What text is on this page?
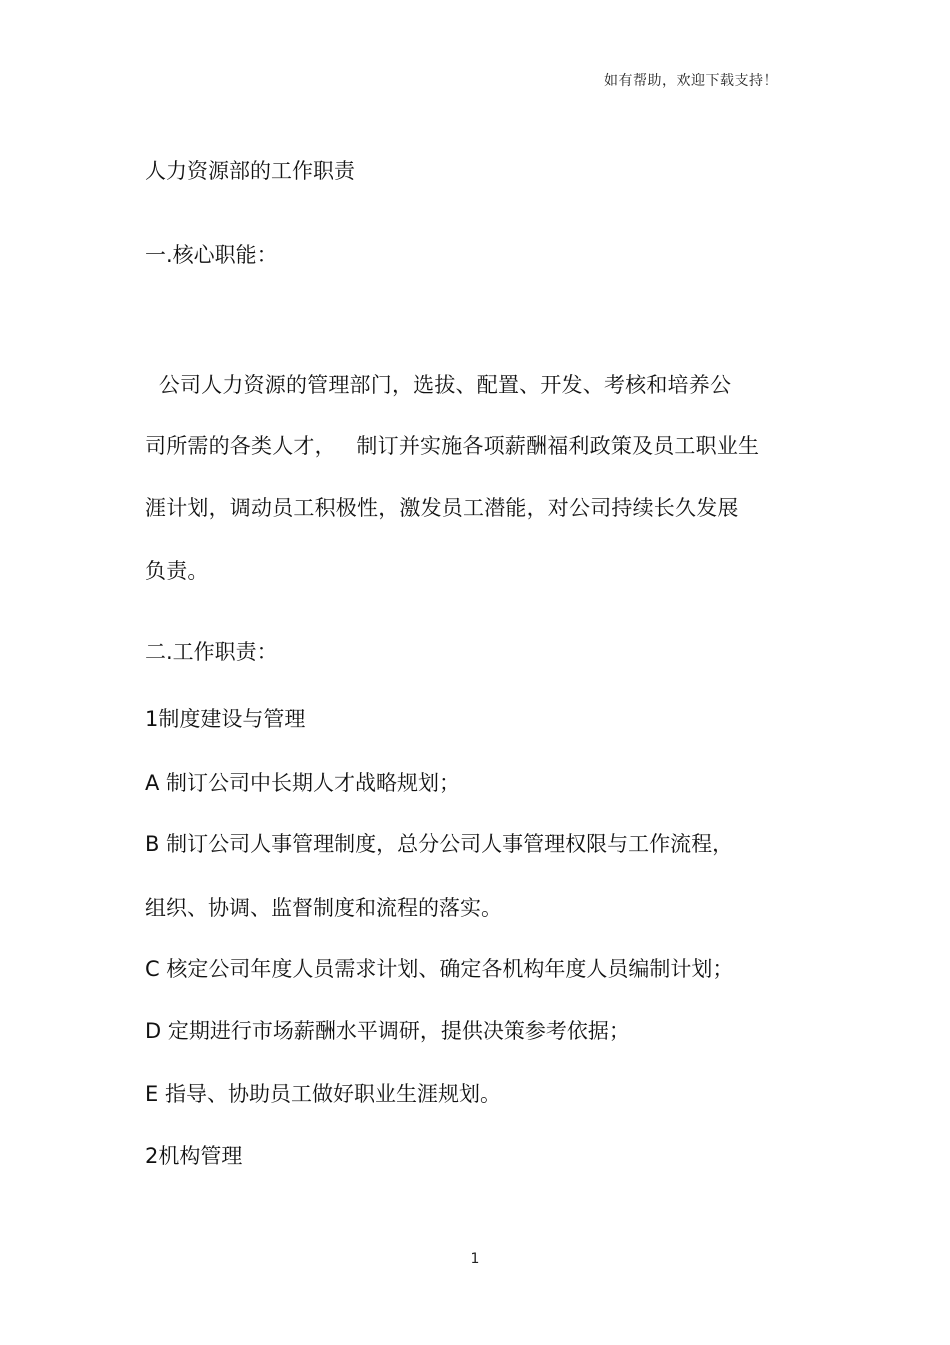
如有帮助，欢迎下载支持！
人力资源部的工作职责
一.核心职能：
公司人力资源的管理部门，选拔、配置、开发、考核和培养公
司所需的各类人才，   制订并实施各项薪酬福利政策及员工职业生
涯计划，调动员工积极性，激发员工潜能，对公司持续长久发展
负责。
二.工作职责：
1制度建设与管理
A 制订公司中长期人才战略规划；
B 制订公司人事管理制度，总分公司人事管理权限与工作流程，
组织、协调、监督制度和流程的落实。
C 核定公司年度人员需求计划、确定各机构年度人员编制计划；
D 定期进行市场薪酬水平调研，提供决策参考依据；
E 指导、协助员工做好职业生涯规划。
2机构管理
1
